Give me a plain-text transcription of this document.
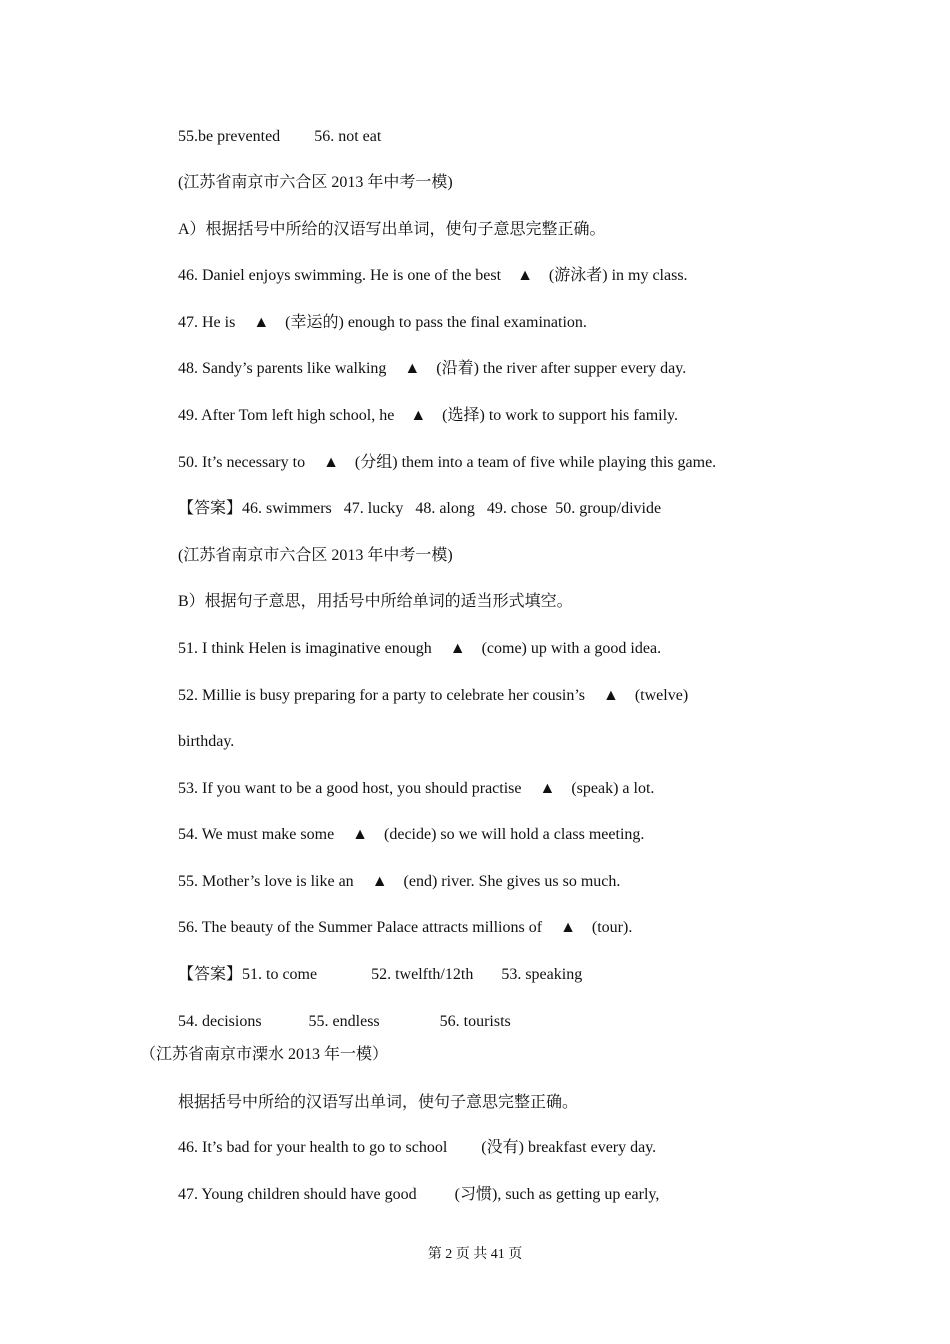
55.be prevented 56. not eat
(江苏省南京市六合区 2013 年中考一模)
A）根据括号中所给的汉语写出单词，使句子意思完整正确。
46. Daniel enjoys swimming. He is one of the best ▲ (游泳者) in my class.
47. He is ▲ (幸运的) enough to pass the final examination.
48. Sandy’s parents like walking ▲ (沿着) the river after supper every day.
49. After Tom left high school, he ▲ (选择) to work to support his family.
50. It’s necessary to ▲ (分组) them into a team of five while playing this game.
【答案】46. swimmers   47. lucky   48. along   49. chose  50. group/divide
(江苏省南京市六合区 2013 年中考一模)
B）根据句子意思，用括号中所给单词的适当形式填空。
51. I think Helen is imaginative enough ▲ (come) up with a good idea.
52. Millie is busy preparing for a party to celebrate her cousin’s ▲ (twelve)
birthday.
53. If you want to be a good host, you should practise ▲ (speak) a lot.
54. We must make some ▲ (decide) so we will hold a class meeting.
55. Mother’s love is like an ▲ (end) river. She gives us so much.
56. The beauty of the Summer Palace attracts millions of ▲ (tour).
【答案】51. to come	52. twelfth/12th 53. speaking
54. decisions	55. endless	56. tourists
（江苏省南京市溧水 2013 年一模）
根据括号中所给的汉语写出单词，使句子意思完整正确。
46. It’s bad for your health to go to school (没有) breakfast every day.
47. Young children should have good (习惯), such as getting up early,
第 2 页 共 41 页
